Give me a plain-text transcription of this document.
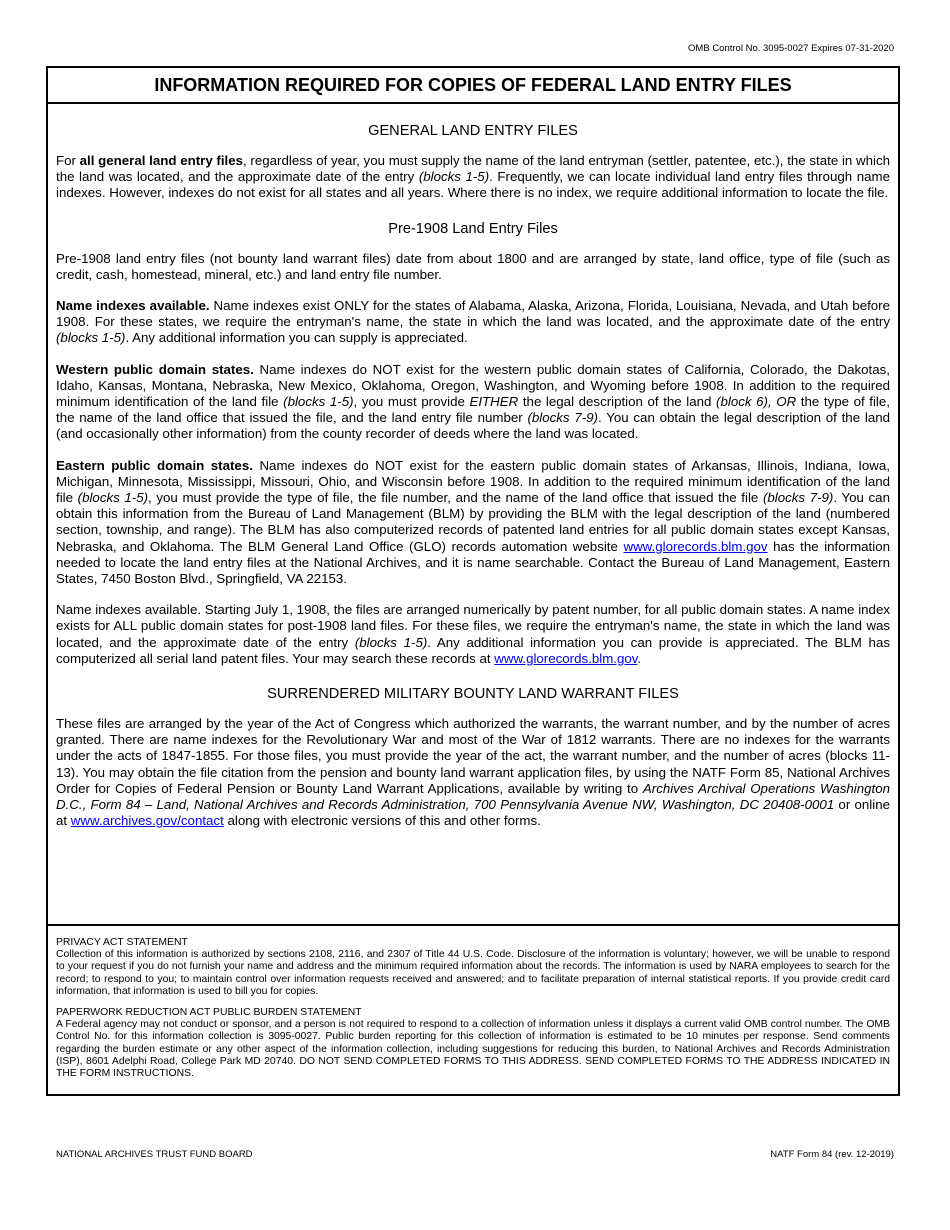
OMB Control No. 3095-0027 Expires 07-31-2020
INFORMATION REQUIRED FOR COPIES OF FEDERAL LAND ENTRY FILES
GENERAL LAND ENTRY FILES

For all general land entry files, regardless of year, you must supply the name of the land entryman (settler, patentee, etc.), the state in which the land was located, and the approximate date of the entry (blocks 1-5). Frequently, we can locate individual land entry files through name indexes. However, indexes do not exist for all states and all years. Where there is no index, we require additional information to locate the file.

Pre-1908 Land Entry Files

Pre-1908 land entry files (not bounty land warrant files) date from about 1800 and are arranged by state, land office, type of file (such as credit, cash, homestead, mineral, etc.) and land entry file number.

Name indexes available. Name indexes exist ONLY for the states of Alabama, Alaska, Arizona, Florida, Louisiana, Nevada, and Utah before 1908. For these states, we require the entryman's name, the state in which the land was located, and the approximate date of the entry (blocks 1-5). Any additional information you can supply is appreciated.

Western public domain states. Name indexes do NOT exist for the western public domain states of California, Colorado, the Dakotas, Idaho, Kansas, Montana, Nebraska, New Mexico, Oklahoma, Oregon, Washington, and Wyoming before 1908. In addition to the required minimum identification of the land file (blocks 1-5), you must provide EITHER the legal description of the land (block 6), OR the type of file, the name of the land office that issued the file, and the land entry file number (blocks 7-9). You can obtain the legal description of the land (and occasionally other information) from the county recorder of deeds where the land was located.

Eastern public domain states. Name indexes do NOT exist for the eastern public domain states of Arkansas, Illinois, Indiana, Iowa, Michigan, Minnesota, Mississippi, Missouri, Ohio, and Wisconsin before 1908. In addition to the required minimum identification of the land file (blocks 1-5), you must provide the type of file, the file number, and the name of the land office that issued the file (blocks 7-9). You can obtain this information from the Bureau of Land Management (BLM) by providing the BLM with the legal description of the land (numbered section, township, and range). The BLM has also computerized records of patented land entries for all public domain states except Kansas, Nebraska, and Oklahoma. The BLM General Land Office (GLO) records automation website www.glorecords.blm.gov has the information needed to locate the land entry files at the National Archives, and it is name searchable. Contact the Bureau of Land Management, Eastern States, 7450 Boston Blvd., Springfield, VA 22153.

Name indexes available. Starting July 1, 1908, the files are arranged numerically by patent number, for all public domain states. A name index exists for ALL public domain states for post-1908 land files. For these files, we require the entryman's name, the state in which the land was located, and the approximate date of the entry (blocks 1-5). Any additional information you can provide is appreciated. The BLM has computerized all serial land patent files. Your may search these records at www.glorecords.blm.gov.

SURRENDERED MILITARY BOUNTY LAND WARRANT FILES

These files are arranged by the year of the Act of Congress which authorized the warrants, the warrant number, and by the number of acres granted. There are name indexes for the Revolutionary War and most of the War of 1812 warrants. There are no indexes for the warrants under the acts of 1847-1855. For those files, you must provide the year of the act, the warrant number, and the number of acres (blocks 11-13). You may obtain the file citation from the pension and bounty land warrant application files, by using the NATF Form 85, National Archives Order for Copies of Federal Pension or Bounty Land Warrant Applications, available by writing to Archives Archival Operations Washington D.C., Form 84 – Land, National Archives and Records Administration, 700 Pennsylvania Avenue NW, Washington, DC 20408-0001 or online at www.archives.gov/contact along with electronic versions of this and other forms.

PRIVACY ACT STATEMENT

Collection of this information is authorized by sections 2108, 2116, and 2307 of Title 44 U.S. Code. Disclosure of the information is voluntary; however, we will be unable to respond to your request if you do not furnish your name and address and the minimum required information about the records. The information is used by NARA employees to search for the record; to respond to you; to maintain control over information requests received and answered; and to facilitate preparation of internal statistical reports. If you provide credit card information, that information is used to bill you for copies.

PAPERWORK REDUCTION ACT PUBLIC BURDEN STATEMENT

A Federal agency may not conduct or sponsor, and a person is not required to respond to a collection of information unless it displays a current valid OMB control number. The OMB Control No. for this information collection is 3095-0027. Public burden reporting for this collection of information is estimated to be 10 minutes per response. Send comments regarding the burden estimate or any other aspect of the information collection, including suggestions for reducing this burden, to National Archives and Records Administration (ISP), 8601 Adelphi Road, College Park MD 20740. DO NOT SEND COMPLETED FORMS TO THIS ADDRESS. SEND COMPLETED FORMS TO THE ADDRESS INDICATED IN THE FORM INSTRUCTIONS.

NATIONAL ARCHIVES TRUST FUND BOARD	NATF Form 84 (rev. 12-2019)
